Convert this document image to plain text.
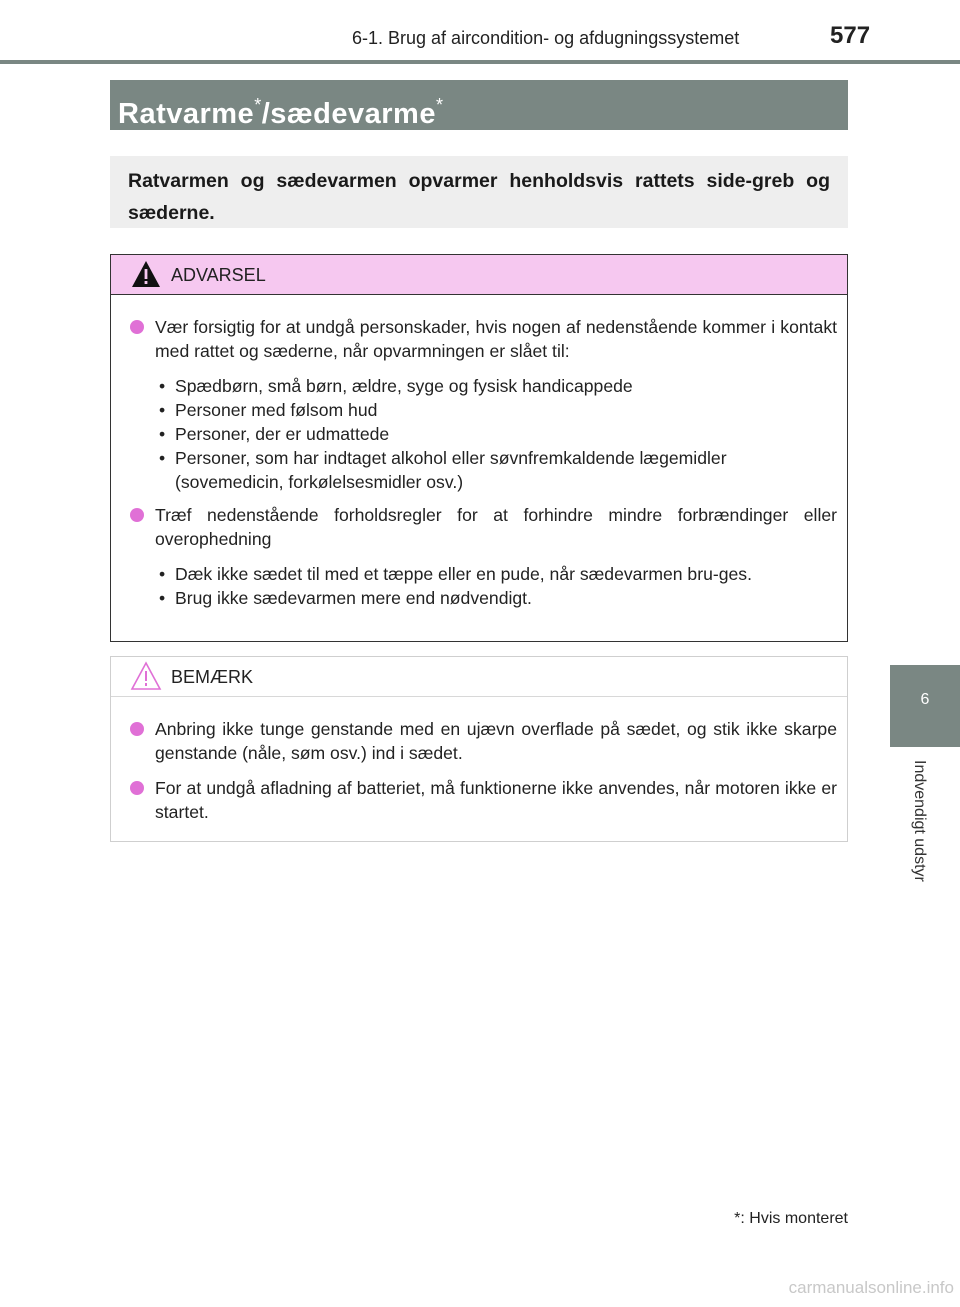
6-1. Brug af aircondition- og afdugningssystemet	577
Ratvarme*/sædevarme*
Ratvarmen og sædevarmen opvarmer henholdsvis rattets side-greb og sæderne.
ADVARSEL
Vær forsigtig for at undgå personskader, hvis nogen af nedenstående kommer i kontakt med rattet og sæderne, når opvarmningen er slået til:
• Spædbørn, små børn, ældre, syge og fysisk handicappede
• Personer med følsom hud
• Personer, der er udmattede
• Personer, som har indtaget alkohol eller søvnfremkaldende lægemidler (sovemedicin, forkølelsesmidler osv.)
Træf nedenstående forholdsregler for at forhindre mindre forbrændinger eller overophedning
• Dæk ikke sædet til med et tæppe eller en pude, når sædevarmen bru-ges.
• Brug ikke sædevarmen mere end nødvendigt.
BEMÆRK
Anbring ikke tunge genstande med en ujævn overflade på sædet, og stik ikke skarpe genstande (nåle, søm osv.) ind i sædet.
For at undgå afladning af batteriet, må funktionerne ikke anvendes, når motoren ikke er startet.
6
Indvendigt udstyr
*: Hvis monteret
carmanualsonline.info
